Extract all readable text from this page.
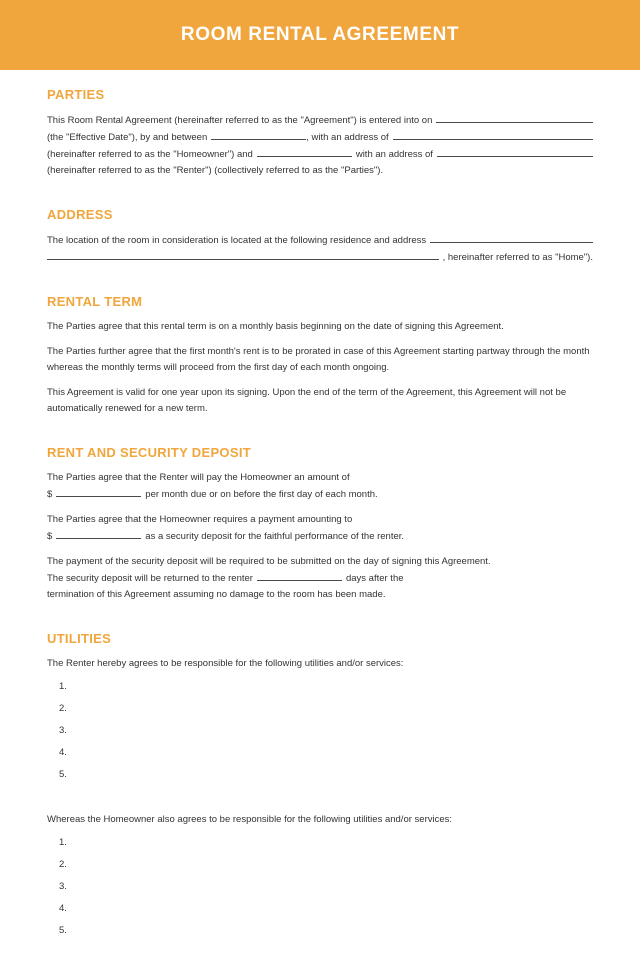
ROOM RENTAL AGREEMENT
PARTIES
This Room Rental Agreement (hereinafter referred to as the "Agreement") is entered into on
(the "Effective Date"), by and between	, with an address of
(hereinafter referred to as the "Homeowner") and	with an address of
(hereinafter referred to as the "Renter") (collectively referred to as the "Parties").
ADDRESS
The location of the room in consideration is located at the following residence and address
, hereinafter referred to as "Home").
RENTAL TERM
The Parties agree that this rental term is on a monthly basis beginning on the date of signing this Agreement.
The Parties further agree that the first month's rent is to be prorated in case of this Agreement starting partway through the month whereas the monthly terms will proceed from the first day of each month ongoing.
This Agreement is valid for one year upon its signing. Upon the end of the term of the Agreement, this Agreement will not be automatically renewed for a new term.
RENT AND SECURITY DEPOSIT
The Parties agree that the Renter will pay the Homeowner an amount of
$	per month due or on before the first day of each month.
The Parties agree that the Homeowner requires a payment amounting to
$	as a security deposit for the faithful performance of the renter.
The payment of the security deposit will be required to be submitted on the day of signing this Agreement.
The security deposit will be returned to the renter	days after the
termination of this Agreement assuming no damage to the room has been made.
UTILITIES
The Renter hereby agrees to be responsible for the following utilities and/or services:
1.
2.
3.
4.
5.
Whereas the Homeowner also agrees to be responsible for the following utilities and/or services:
1.
2.
3.
4.
5.
